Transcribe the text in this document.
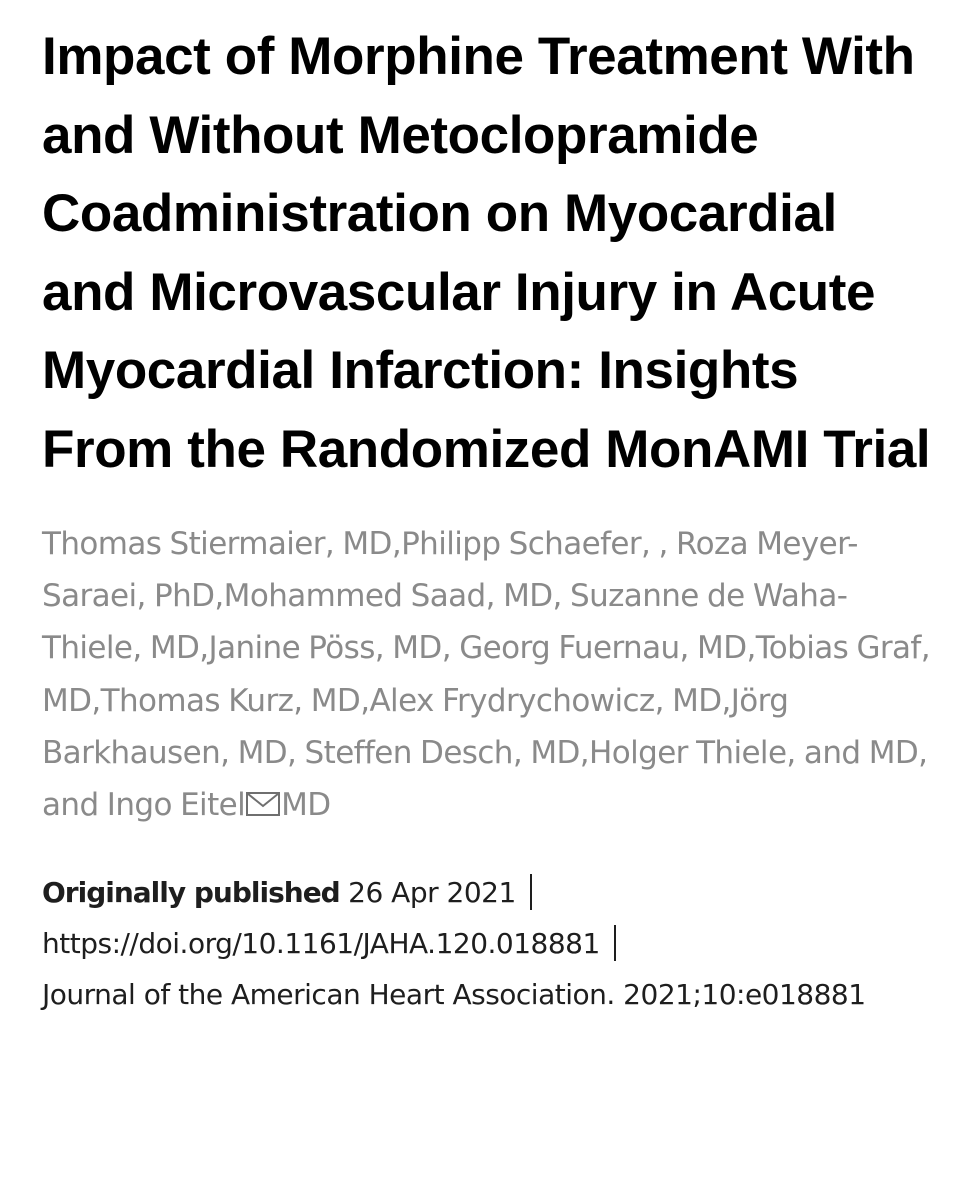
Impact of Morphine Treatment With and Without Metoclopramide Coadministration on Myocardial and Microvascular Injury in Acute Myocardial Infarction: Insights From the Randomized MonAMI Trial
Thomas Stiermaier, MD,Philipp Schaefer, , Roza Meyer-Saraei, PhD,Mohammed Saad, MD, Suzanne de Waha-Thiele, MD,Janine Pöss, MD, Georg Fuernau, MD,Tobias Graf, MD,Thomas Kurz, MD,Alex Frydrychowicz, MD,Jörg Barkhausen, MD, Steffen Desch, MD,Holger Thiele, and MD, and Ingo Eitel MD
Originally published 26 Apr 2021
https://doi.org/10.1161/JAHA.120.018881
Journal of the American Heart Association. 2021;10:e018881
